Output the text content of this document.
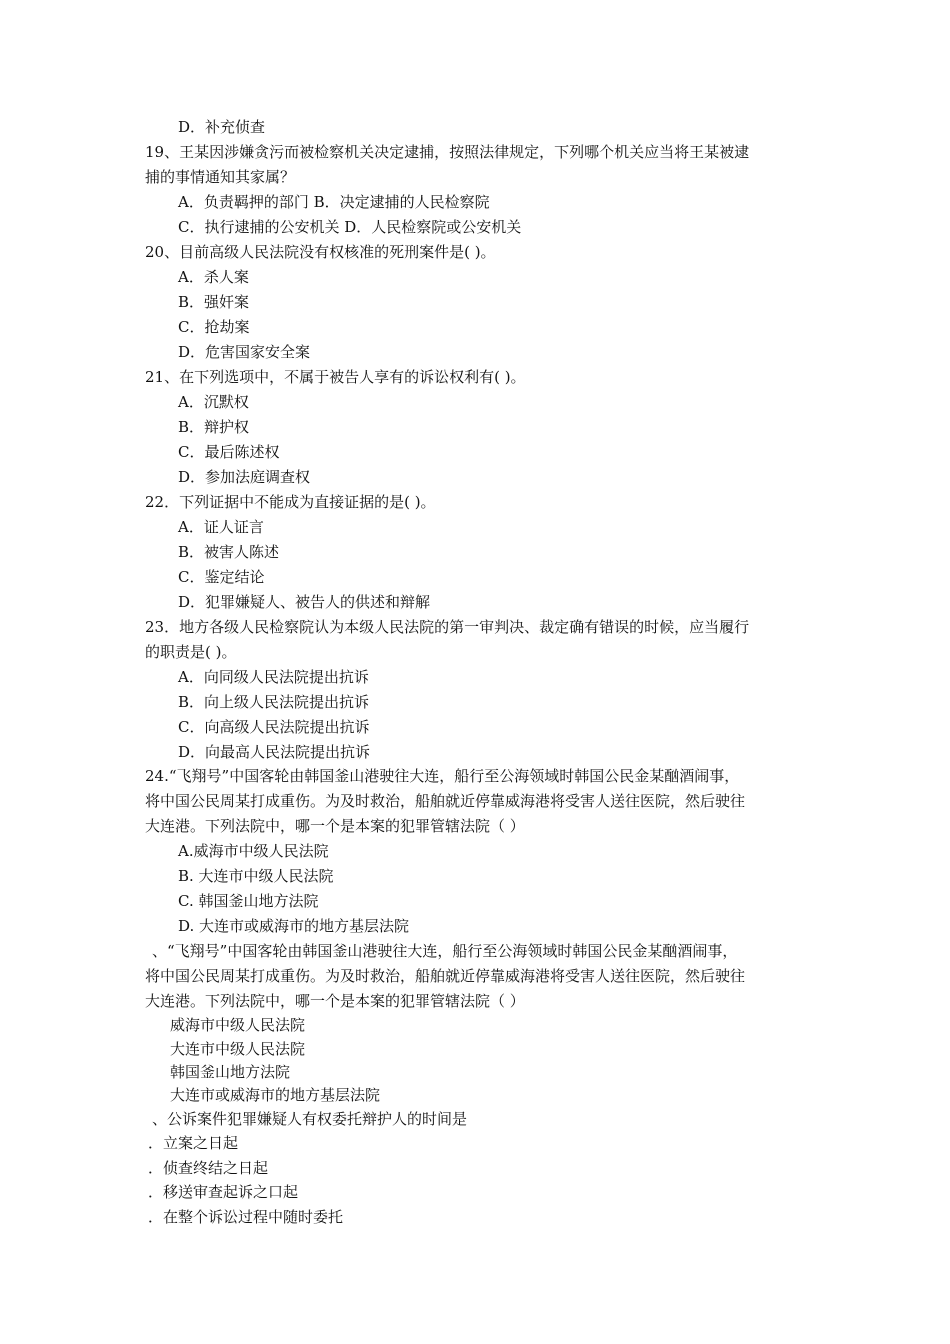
D．补充侦查
19、王某因涉嫌贪污而被检察机关决定逮捕，按照法律规定，下列哪个机关应当将王某被逮
捕的事情通知其家属？
A．负责羁押的部门 B．决定逮捕的人民检察院
C．执行逮捕的公安机关 D．人民检察院或公安机关
20、目前高级人民法院没有权核准的死刑案件是( )。
A．杀人案
B．强奸案
C．抢劫案
D．危害国家安全案
21、在下列选项中，不属于被告人享有的诉讼权利有( )。
A．沉默权
B．辩护权
C．最后陈述权
D．参加法庭调查权
22．下列证据中不能成为直接证据的是( )。
A．证人证言
B．被害人陈述
C．鉴定结论
D．犯罪嫌疑人、被告人的供述和辩解
23．地方各级人民检察院认为本级人民法院的第一审判决、裁定确有错误的时候，应当履行
的职责是( )。
A．向同级人民法院提出抗诉
B．向上级人民法院提出抗诉
C．向高级人民法院提出抗诉
D．向最高人民法院提出抗诉
24.“飞翔号”中国客轮由韩国釜山港驶往大连，船行至公海领域时韩国公民金某酗酒闹事，
将中国公民周某打成重伤。为及时救治，船舶就近停靠威海港将受害人送往医院，然后驶往
大连港。下列法院中，哪一个是本案的犯罪管辖法院（ ）
A.威海市中级人民法院
B. 大连市中级人民法院
C. 韩国釜山地方法院
D. 大连市或威海市的地方基层法院
、“飞翔号”中国客轮由韩国釜山港驶往大连，船行至公海领域时韩国公民金某酗酒闹事，
将中国公民周某打成重伤。为及时救治，船舶就近停靠威海港将受害人送往医院，然后驶往
大连港。下列法院中，哪一个是本案的犯罪管辖法院（ ）
威海市中级人民法院
大连市中级人民法院
韩国釜山地方法院
大连市或威海市的地方基层法院
、公诉案件犯罪嫌疑人有权委托辩护人的时间是
．立案之日起
．侦查终结之日起
．移送审查起诉之口起
．在整个诉讼过程中随时委托
